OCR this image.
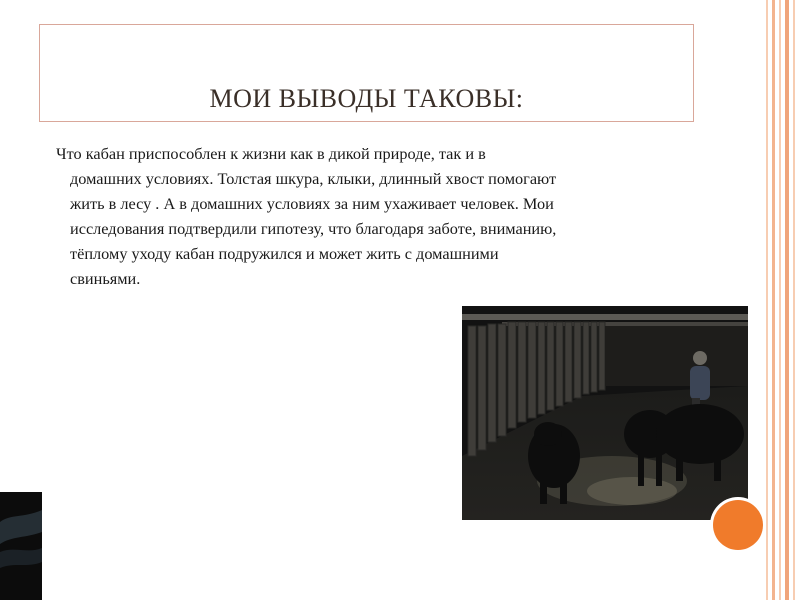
МОИ ВЫВОДЫ ТАКОВЫ:

Что кабан приспособлен к жизни как в дикой природе, так и в
домашних условиях. Толстая шкура, клыки, длинный хвост помогают
жить в лесу . А в домашних условиях за ним ухаживает человек. Мои
исследования подтвердили гипотезу, что благодаря заботе, вниманию,
тёплому уходу кабан подружился и может жить с домашними
свиньями.
